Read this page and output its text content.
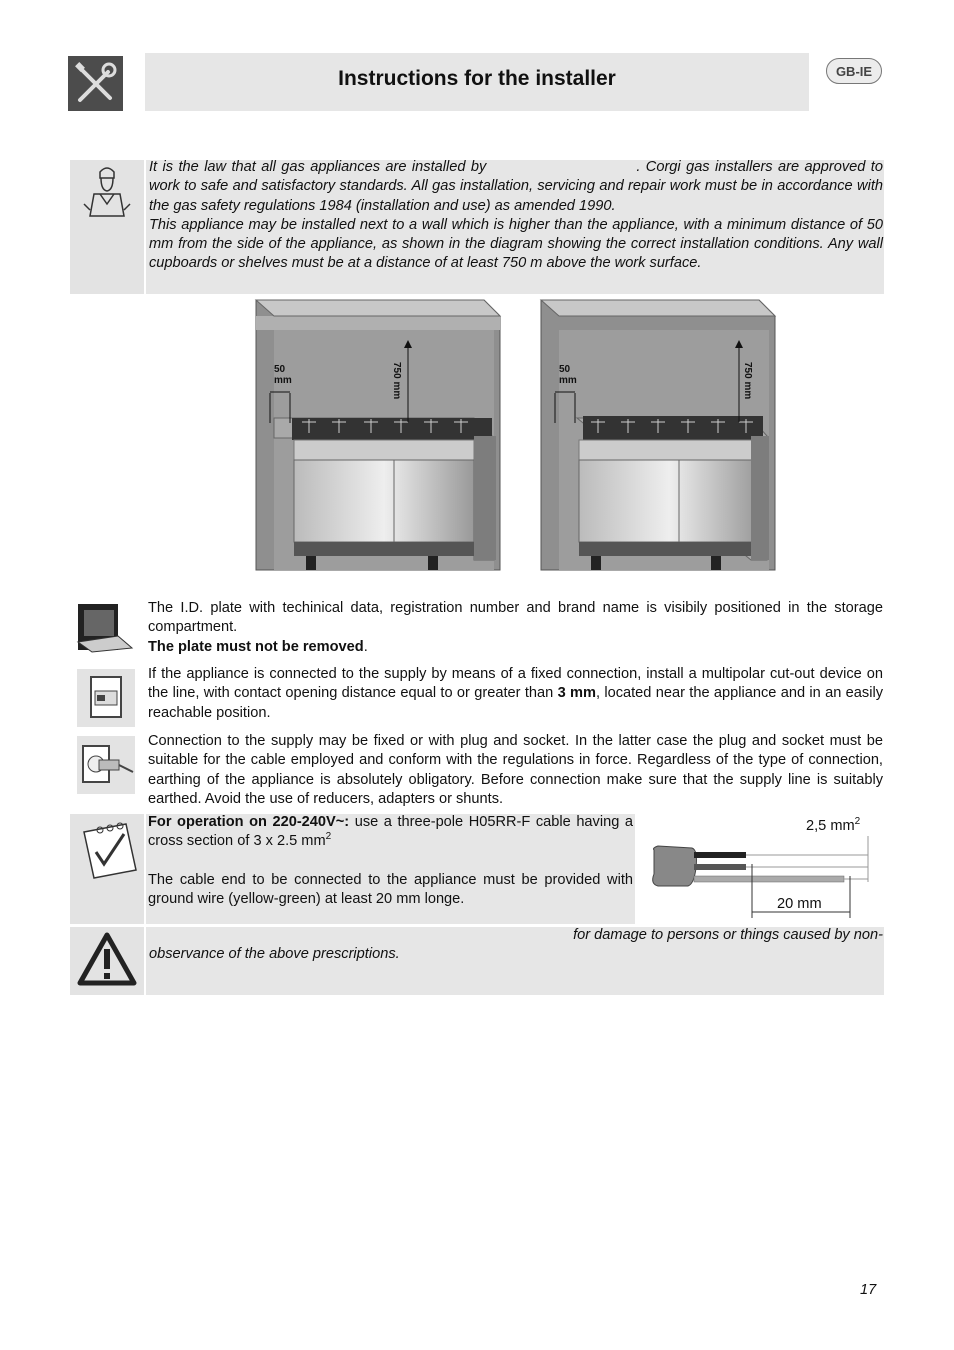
Instructions for the installer	GB-IE
It is the law that all gas appliances are installed by	. Corgi gas installers are approved to work to safe and satisfactory standards. All gas installation, servicing and repair work must be in accordance with the gas safety regulations 1984 (installation and use) as amended 1990.
This appliance may be installed next to a wall which is higher than the appliance, with a minimum distance of 50 mm from the side of the appliance, as shown in the diagram showing the correct installation conditions. Any wall cupboards or shelves must be at a distance of at least 750 m above the work surface.
50
mm	750 mm	50
mm	750 mm
The I.D. plate with techinical data, registration number and brand name is visibily positioned in the storage compartment.
The plate must not be removed.
If the appliance is connected to the supply by means of a fixed connection, install a multipolar cut-out device on the line, with contact opening distance equal to or greater than 3 mm, located near the appliance and in an easily reachable position.
Connection to the supply may be fixed or with plug and socket. In the latter case the plug and socket must be suitable for the cable employed and conform with the regulations in force. Regardless of the type of connection, earthing of the appliance is absolutely obligatory. Before connection make sure that the supply line is suitably earthed. Avoid the use of reducers, adapters or shunts.
For operation on 220-240V~: use a three-pole H05RR-F cable having a cross section of 3 x 2.5 $mm^2$
The cable end to be connected to the appliance must be provided with ground wire (yellow-green) at least 20 mm longe.
2,5 $mm^2$
20 mm
for damage to persons or things caused by non-
observance of the above prescriptions.
17
